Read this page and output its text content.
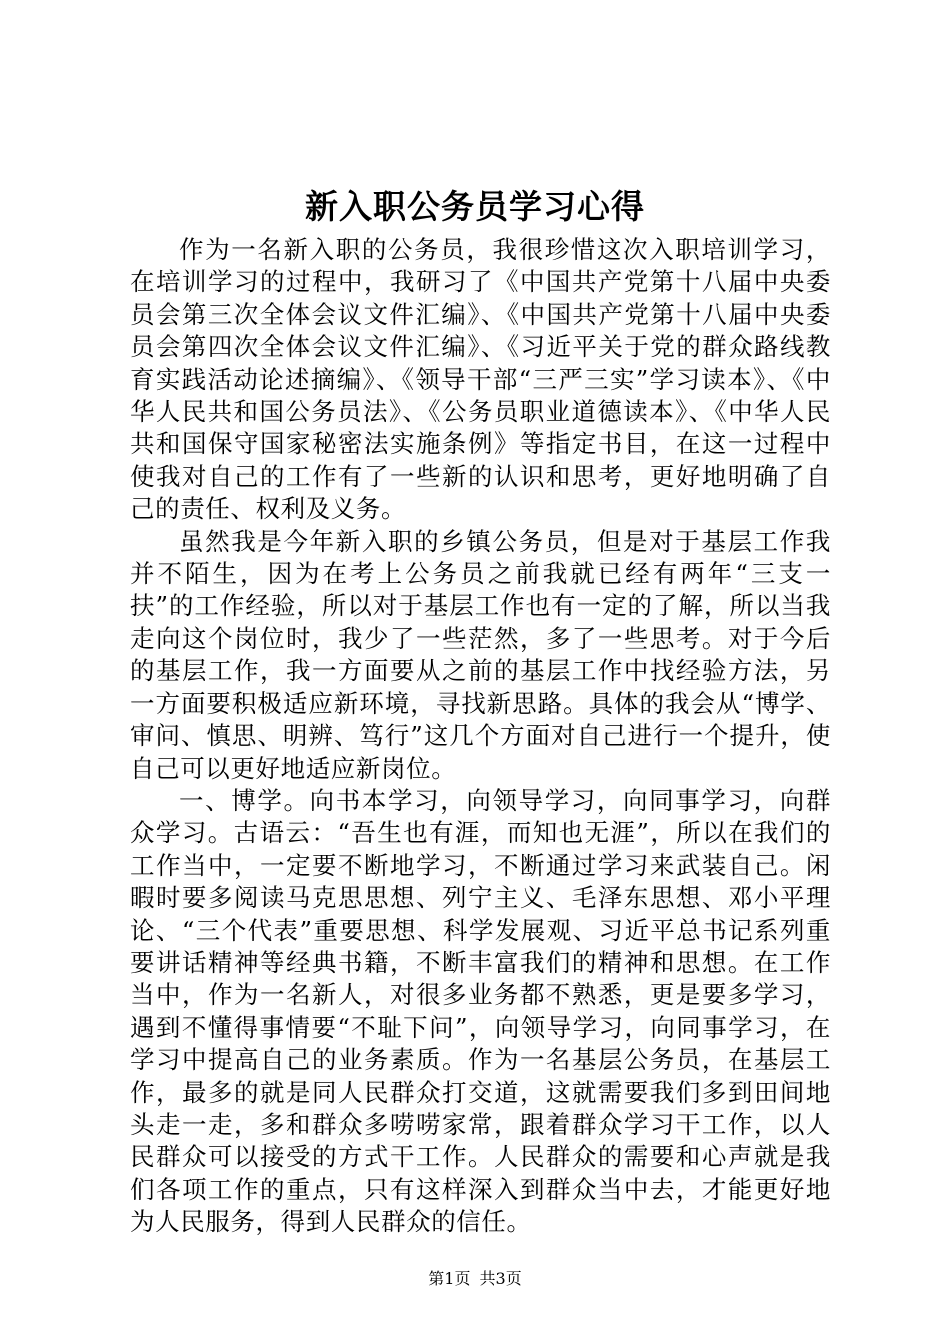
新入职公务员学习心得

作为一名新入职的公务员，我很珍惜这次入职培训学习，在培训学习的过程中，我研习了《中国共产党第十八届中央委员会第三次全体会议文件汇编》、《中国共产党第十八届中央委员会第四次全体会议文件汇编》、《习近平关于党的群众路线教育实践活动论述摘编》、《领导干部“三严三实”学习读本》、《中华人民共和国公务员法》、《公务员职业道德读本》、《中华人民共和国保守国家秘密法实施条例》等指定书目，在这一过程中使我对自己的工作有了一些新的认识和思考，更好地明确了自己的责任、权利及义务。

虽然我是今年新入职的乡镇公务员，但是对于基层工作我并不陌生，因为在考上公务员之前我就已经有两年“三支一扶”的工作经验，所以对于基层工作也有一定的了解，所以当我走向这个岗位时，我少了一些茫然，多了一些思考。对于今后的基层工作，我一方面要从之前的基层工作中找经验方法，另一方面要积极适应新环境，寻找新思路。具体的我会从“博学、审问、慎思、明辨、笃行”这几个方面对自己进行一个提升，使自己可以更好地适应新岗位。

一、博学。向书本学习，向领导学习，向同事学习，向群众学习。古语云：“吾生也有涯，而知也无涯”，所以在我们的工作当中，一定要不断地学习，不断通过学习来武装自己。闲暇时要多阅读马克思思想、列宁主义、毛泽东思想、邓小平理论、“三个代表”重要思想、科学发展观、习近平总书记系列重要讲话精神等经典书籍，不断丰富我们的精神和思想。在工作当中，作为一名新人，对很多业务都不熟悉，更是要多学习，遇到不懂得事情要“不耻下问”，向领导学习，向同事学习，在学习中提高自己的业务素质。作为一名基层公务员，在基层工作，最多的就是同人民群众打交道，这就需要我们多到田间地头走一走，多和群众多唠唠家常，跟着群众学习干工作，以人民群众可以接受的方式干工作。人民群众的需要和心声就是我们各项工作的重点，只有这样深入到群众当中去，才能更好地为人民服务，得到人民群众的信任。

第1页 共3页
